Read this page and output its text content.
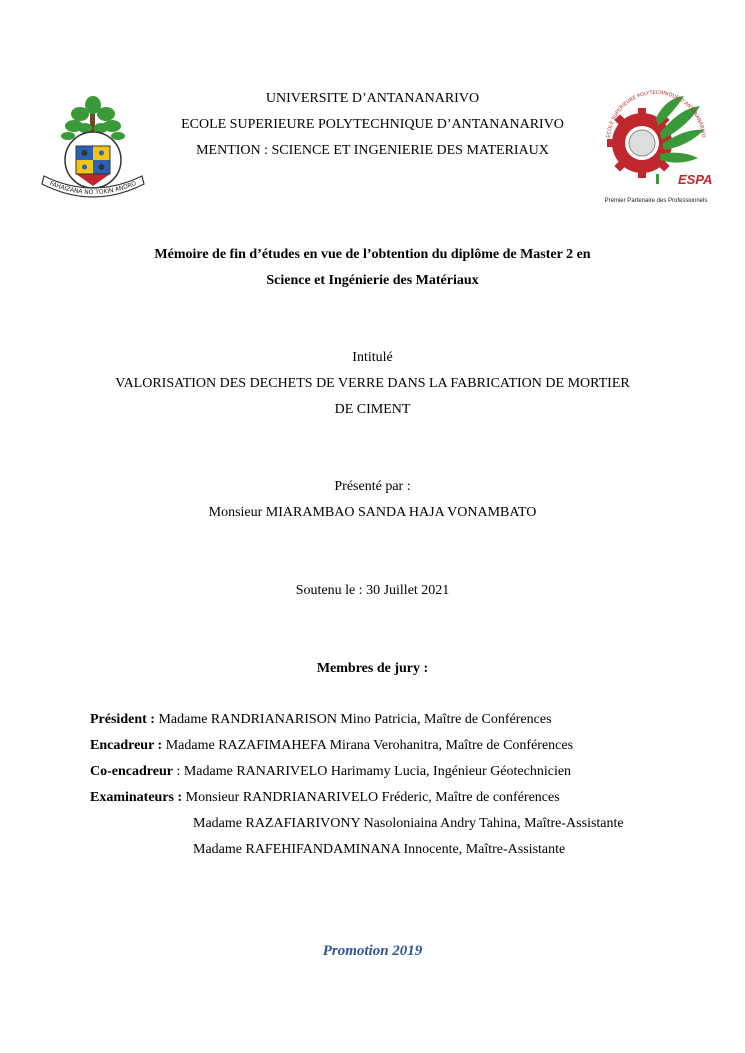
FAHAIZANA NO TOKIN ANDRO	ESPA
Premier Partenaire des Professionnels
ECOLE SUPERIEURE POLYTECHNIQUE D’ANTANANARIVO
UNIVERSITE D’ANTANANARIVO
ECOLE SUPERIEURE POLYTECHNIQUE D’ANTANANARIVO
MENTION : SCIENCE ET INGENIERIE DES MATERIAUX
Mémoire de fin d’études en vue de l’obtention du diplôme de Master 2 en
Science et Ingénierie des Matériaux
Intitulé
VALORISATION DES DECHETS DE VERRE DANS LA FABRICATION DE MORTIER
DE CIMENT
Présenté par :
Monsieur MIARAMBAO SANDA HAJA VONAMBATO
Soutenu le : 30 Juillet 2021
Membres de jury :
Président : Madame RANDRIANARISON Mino Patricia, Maître de Conférences
Encadreur : Madame RAZAFIMAHEFA Mirana Verohanitra, Maître de Conférences
Co-encadreur : Madame RANARIVELO Harimamy Lucia, Ingénieur Géotechnicien
Examinateurs : Monsieur RANDRIANARIVELO Fréderic, Maître de conférences
Madame RAZAFIARIVONY Nasoloniaina Andry Tahina, Maître-Assistante
Madame RAFEHIFANDAMINANA Innocente, Maître-Assistante
Promotion 2019
